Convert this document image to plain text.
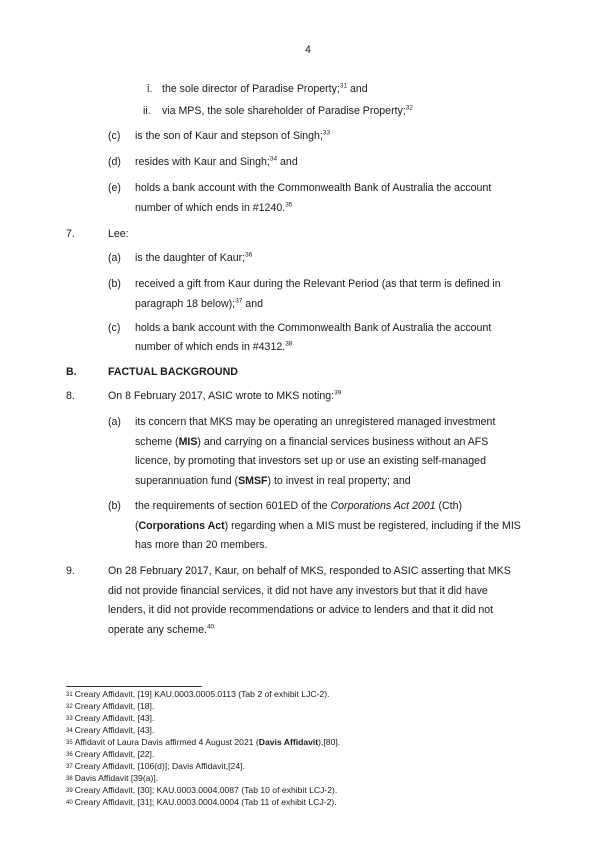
4
i. the sole director of Paradise Property;$^{31}$ and
ii. via MPS, the sole shareholder of Paradise Property;$^{32}$
(c) is the son of Kaur and stepson of Singh;$^{33}$
(d) resides with Kaur and Singh;$^{34}$ and
(e) holds a bank account with the Commonwealth Bank of Australia the account
number of which ends in #1240.35
7.	Lee:
(a) is the daughter of Kaur;$^{36}$
(b) received a gift from Kaur during the Relevant Period (as that term is defined in
paragraph 18 below);$^{37}$ and
(c) holds a bank account with the Commonwealth Bank of Australia the account
number of which ends in #4312.38
B.	FACTUAL BACKGROUND
8.	On 8 February 2017, ASIC wrote to MKS noting:$^{39}$
(a) its concern that MKS may be operating an unregistered managed investment
scheme (MIS) and carrying on a financial services business without an AFS
licence, by promoting that investors set up or use an existing self-managed
superannuation fund (SMSF) to invest in real property; and
(b) the requirements of section 601ED of the Corporations Act 2001 (Cth)
(Corporations Act) regarding when a MIS must be registered, including if the MIS
has more than 20 members.
9.	On 28 February 2017, Kaur, on behalf of MKS, responded to ASIC asserting that MKS
did not provide financial services, it did not have any investors but that it did have
lenders, it did not provide recommendations or advice to lenders and that it did not
operate any scheme.$^{40}$
$^{31}$ Creary Affidavit, [19] KAU.0003.0005.0113 (Tab 2 of exhibit LJC-2).
$^{32}$ Creary Affidavit, [18].
$^{33}$ Creary Affidavit, [43].
$^{34}$ Creary Affidavit, [43].
$^{35}$ Affidavit of Laura Davis affirmed 4 August 2021 (Davis Affidavit),[80].
$^{36}$ Creary Affidavit, [22].
$^{37}$ Creary Affidavit, [106(d)]; Davis Affidavit,[24].
$^{38}$ Davis Affidavit [39(a)].
$^{39}$ Creary Affidavit, [30]; KAU.0003.0004.0087 (Tab 10 of exhibit LCJ-2).
$^{40}$ Creary Affidavit, [31]; KAU.0003.0004.0004 (Tab 11 of exhibit LCJ-2).
